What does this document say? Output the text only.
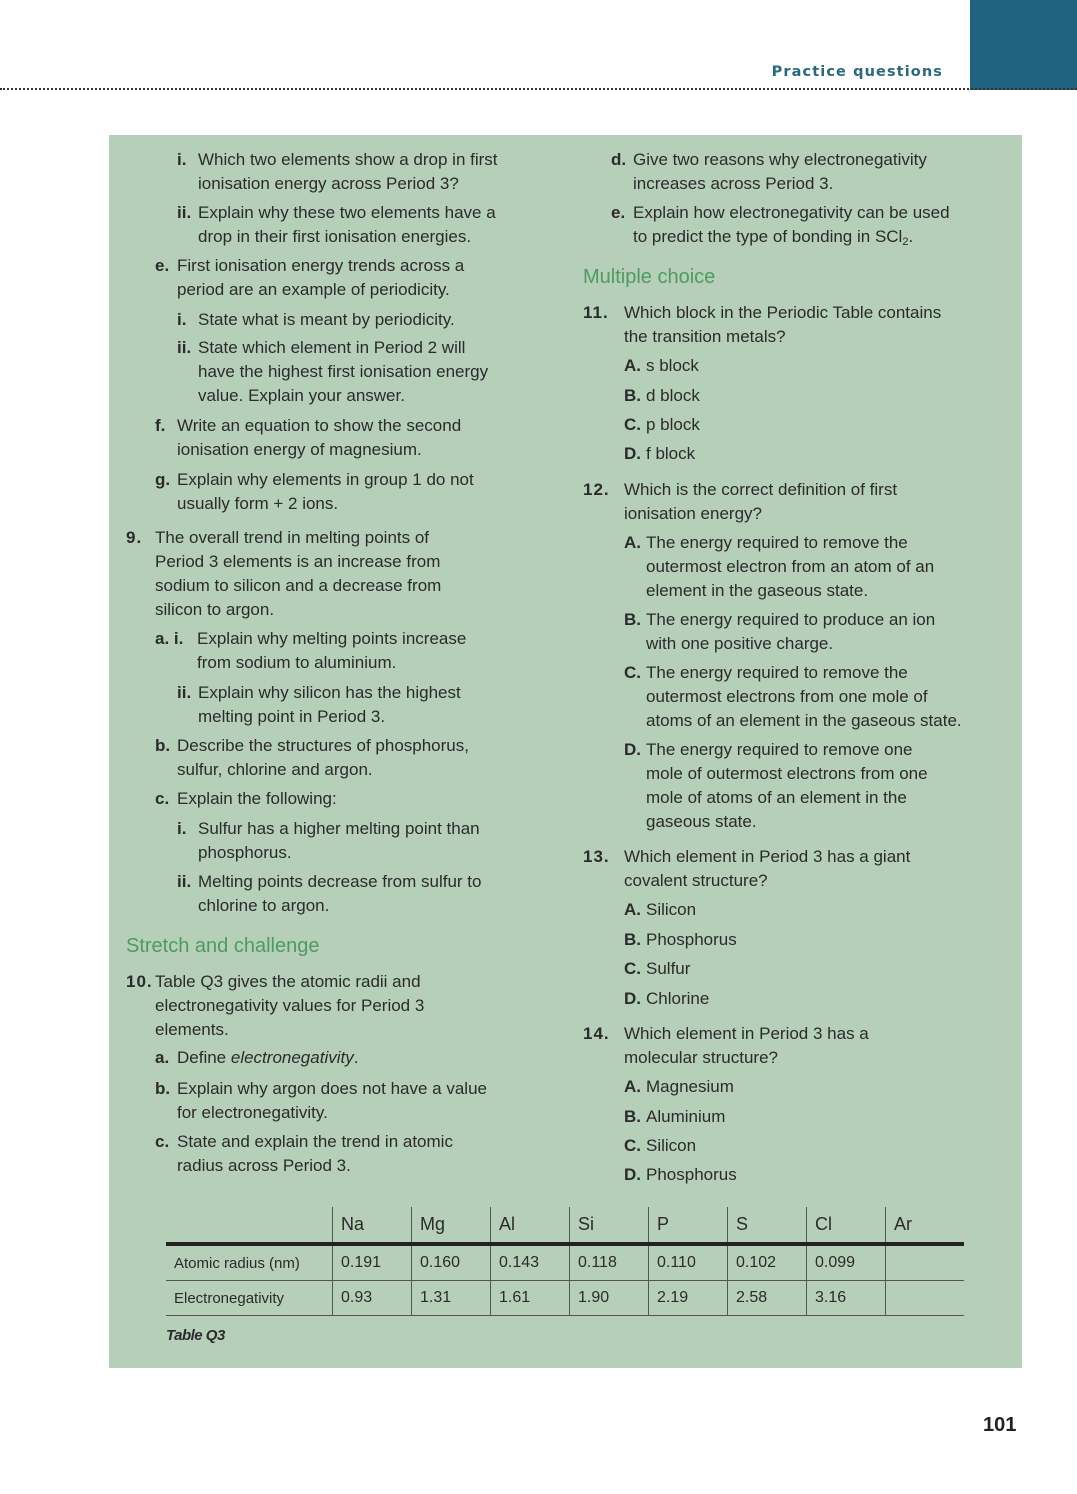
Practice questions
i. Which two elements show a drop in first
ionisation energy across Period 3?
ii. Explain why these two elements have a
drop in their first ionisation energies.
e. First ionisation energy trends across a
period are an example of periodicity.
i. State what is meant by periodicity.
ii. State which element in Period 2 will
have the highest first ionisation energy
value. Explain your answer.
f. Write an equation to show the second
ionisation energy of magnesium.
g. Explain why elements in group 1 do not
usually form + 2 ions.
9. The overall trend in melting points of
Period 3 elements is an increase from
sodium to silicon and a decrease from
silicon to argon.
a. i. Explain why melting points increase
from sodium to aluminium.
ii. Explain why silicon has the highest
melting point in Period 3.
b. Describe the structures of phosphorus,
sulfur, chlorine and argon.
c. Explain the following:
i. Sulfur has a higher melting point than
phosphorus.
ii. Melting points decrease from sulfur to
chlorine to argon.
Stretch and challenge
10. Table Q3 gives the atomic radii and
electronegativity values for Period 3
elements.
a. Define electronegativity.
b. Explain why argon does not have a value
for electronegativity.
c. State and explain the trend in atomic
radius across Period 3.
d. Give two reasons why electronegativity
increases across Period 3.
e. Explain how electronegativity can be used
to predict the type of bonding in SCl$_2$.
Multiple choice
11. Which block in the Periodic Table contains
the transition metals?
A. s block
B. d block
C. p block
D. f block
12. Which is the correct definition of first
ionisation energy?
A. The energy required to remove the
outermost electron from an atom of an
element in the gaseous state.
B. The energy required to produce an ion
with one positive charge.
C. The energy required to remove the
outermost electrons from one mole of
atoms of an element in the gaseous state.
D. The energy required to remove one
mole of outermost electrons from one
mole of atoms of an element in the
gaseous state.
13. Which element in Period 3 has a giant
covalent structure?
A. Silicon
B. Phosphorus
C. Sulfur
D. Chlorine
14. Which element in Period 3 has a
molecular structure?
A. Magnesium
B. Aluminium
C. Silicon
D. Phosphorus
	Na	Mg	Al	Si	P	S	Cl	Ar
Atomic radius (nm)	0.191	0.160	0.143	0.118	0.110	0.102	0.099	
Electronegativity	0.93	1.31	1.61	1.90	2.19	2.58	3.16	
Table Q3
101
